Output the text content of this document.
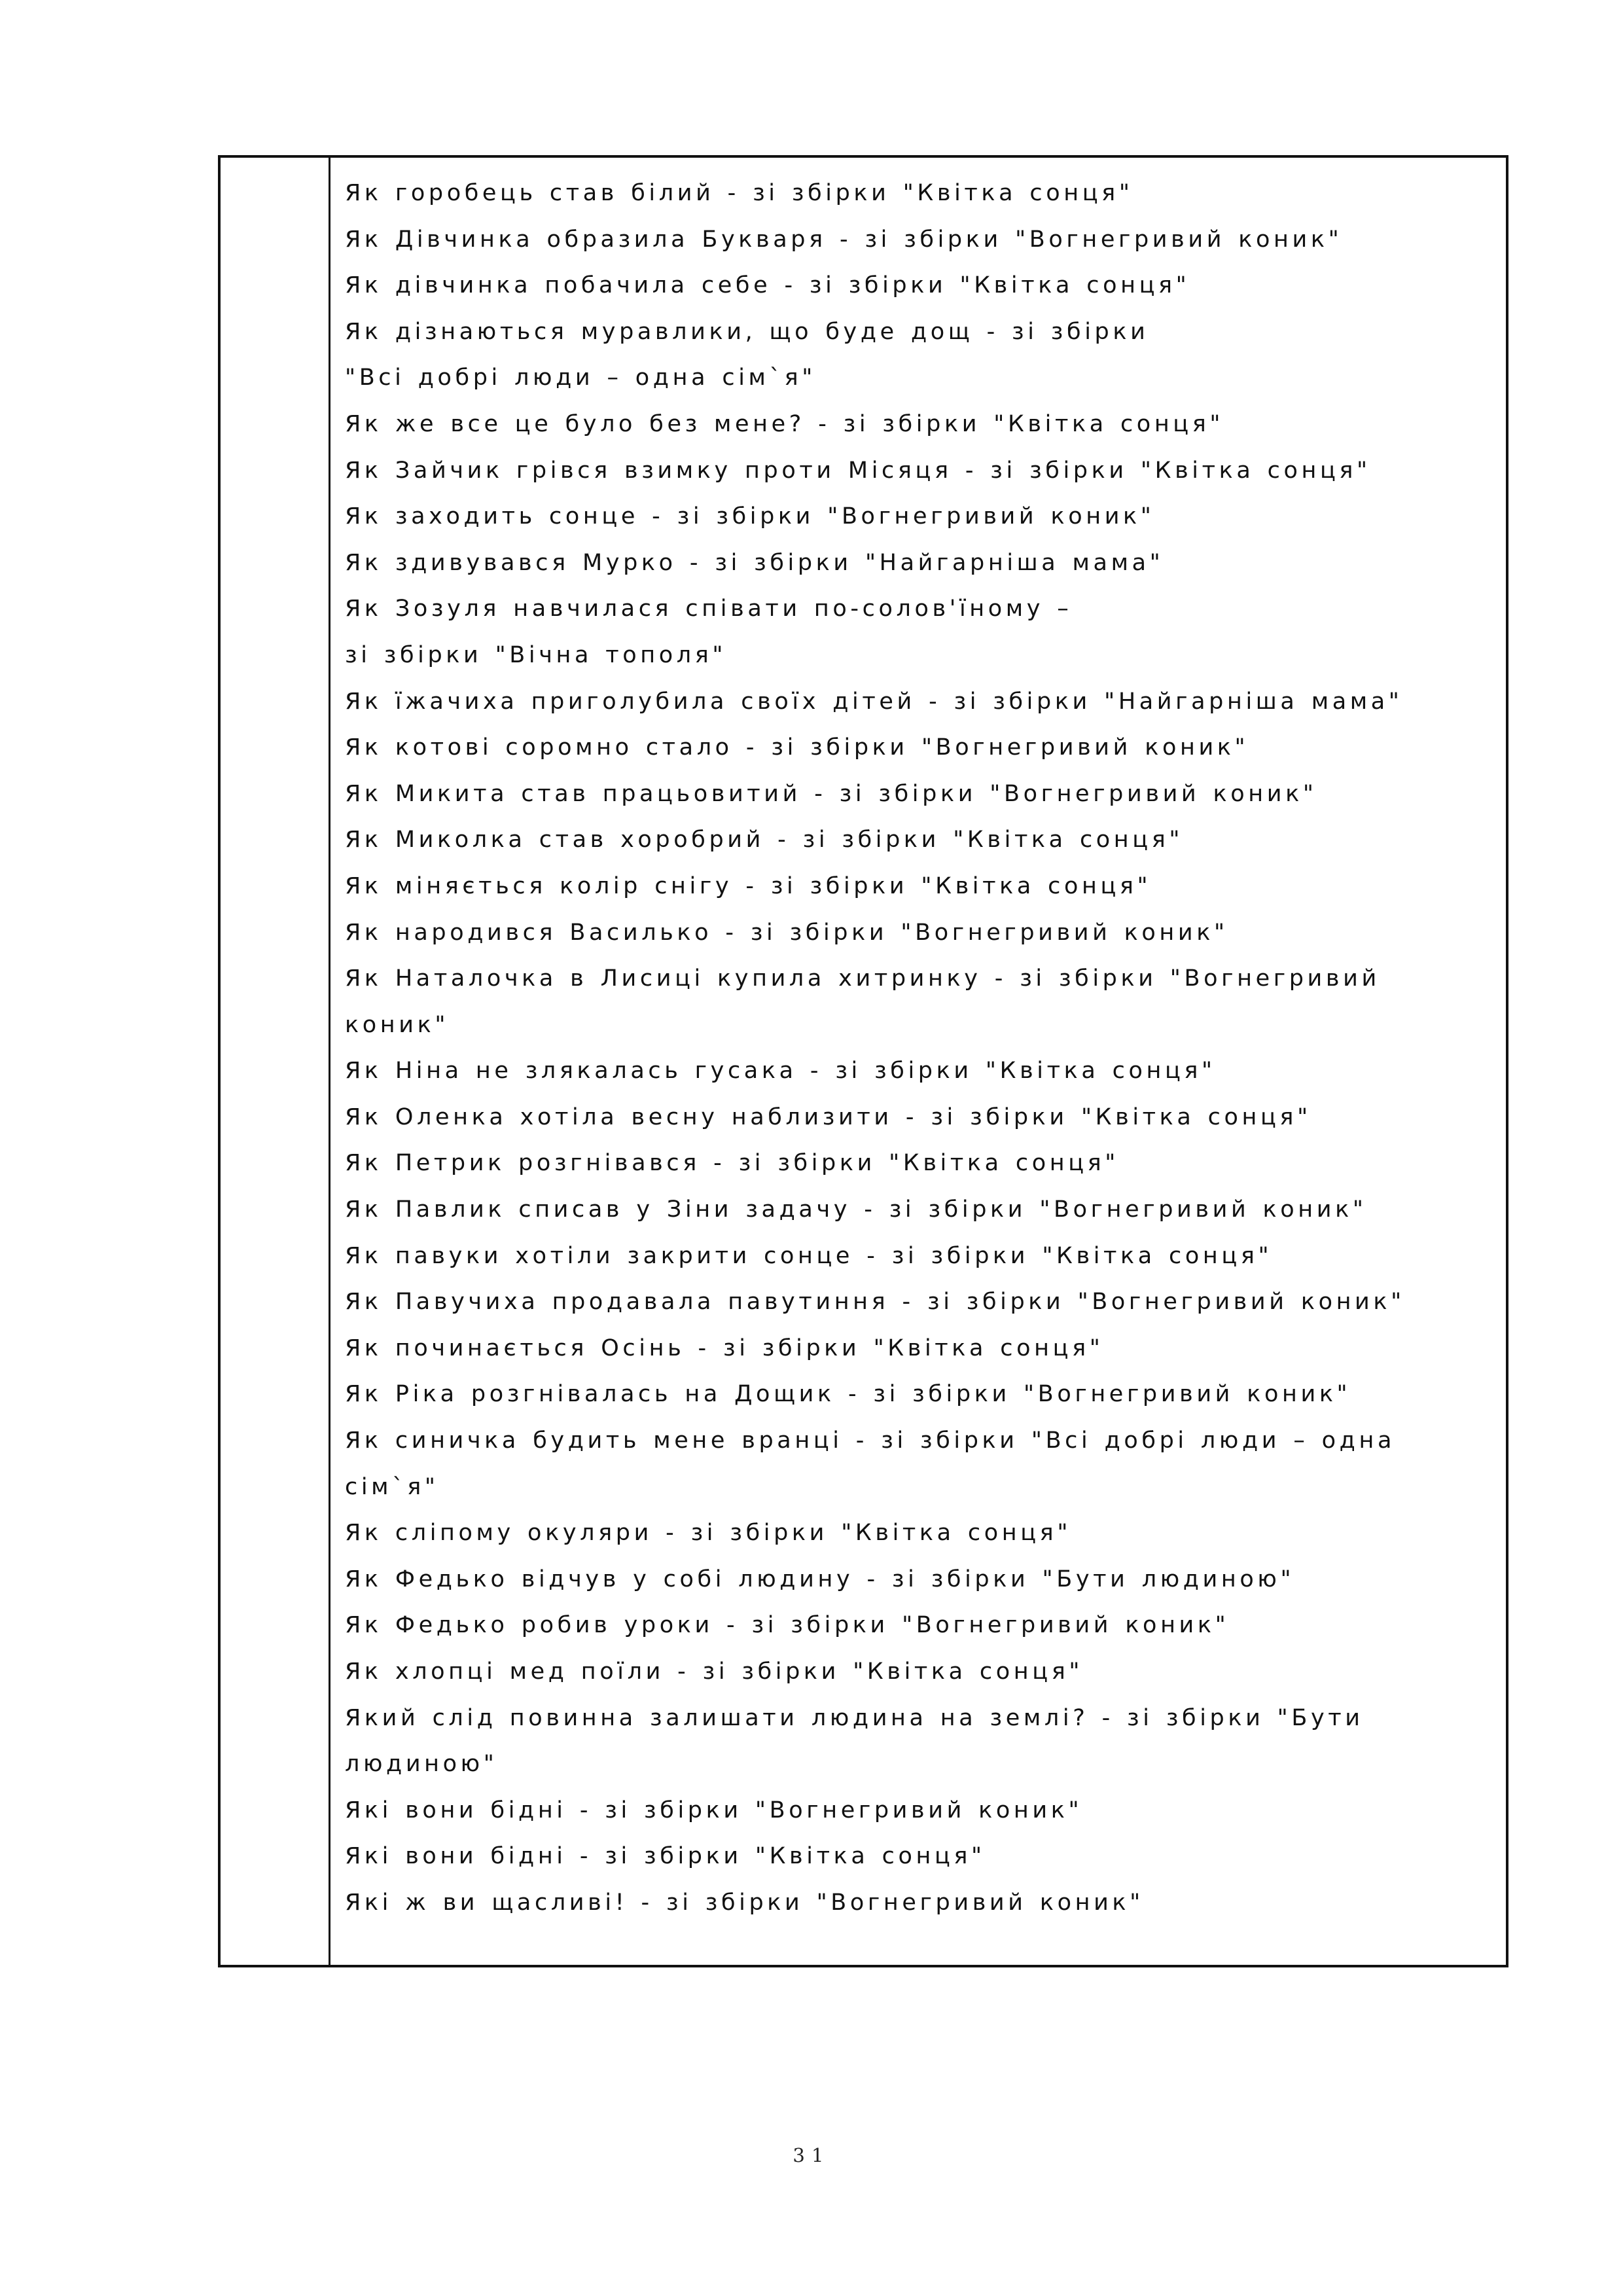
Як горобець став білий - зі збірки "Квітка сонця"
Як Дівчинка образила Букваря - зі збірки "Вогнегривий коник"
Як дівчинка побачила себе - зі збірки "Квітка сонця"
Як дізнаються муравлики, що буде дощ - зі збірки
"Всі добрі люди – одна сім`я"
Як же все це було без мене? - зі збірки "Квітка сонця"
Як Зайчик грівся взимку проти Місяця - зі збірки "Квітка сонця"
Як заходить сонце - зі збірки "Вогнегривий коник"
Як здивувався Мурко - зі збірки "Найгарніша мама"
Як Зозуля навчилася співати по-солов'їному –
зі збірки "Вічна тополя"
Як їжачиха приголубила своїх дітей - зі збірки "Найгарніша мама"
Як котові соромно стало - зі збірки "Вогнегривий коник"
Як Микита став працьовитий - зі збірки "Вогнегривий коник"
Як Миколка став хоробрий - зі збірки "Квітка сонця"
Як міняється колір снігу - зі збірки "Квітка сонця"
Як народився Василько - зі збірки "Вогнегривий коник"
Як Наталочка в Лисиці купила хитринку - зі збірки "Вогнегривий
коник"
Як Ніна не злякалась гусака - зі збірки "Квітка сонця"
Як Оленка хотіла весну наблизити - зі збірки "Квітка сонця"
Як Петрик розгнівався - зі збірки "Квітка сонця"
Як Павлик списав у Зіни задачу - зі збірки "Вогнегривий коник"
Як павуки хотіли закрити сонце - зі збірки "Квітка сонця"
Як Павучиха продавала павутиння - зі збірки "Вогнегривий коник"
Як починається Осінь - зі збірки "Квітка сонця"
Як Ріка розгнівалась на Дощик - зі збірки "Вогнегривий коник"
Як синичка будить мене вранці - зі збірки "Всі добрі люди – одна
сім`я"
Як сліпому окуляри - зі збірки "Квітка сонця"
Як Федько відчув у собі людину - зі збірки "Бути людиною"
Як Федько робив уроки - зі збірки "Вогнегривий коник"
Як хлопці мед поїли - зі збірки "Квітка сонця"
Який слід повинна залишати людина на землі? - зі збірки "Бути
людиною"
Які вони бідні - зі збірки "Вогнегривий коник"
Які вони бідні - зі збірки "Квітка сонця"
Які ж ви щасливі! - зі збірки "Вогнегривий коник"
31
